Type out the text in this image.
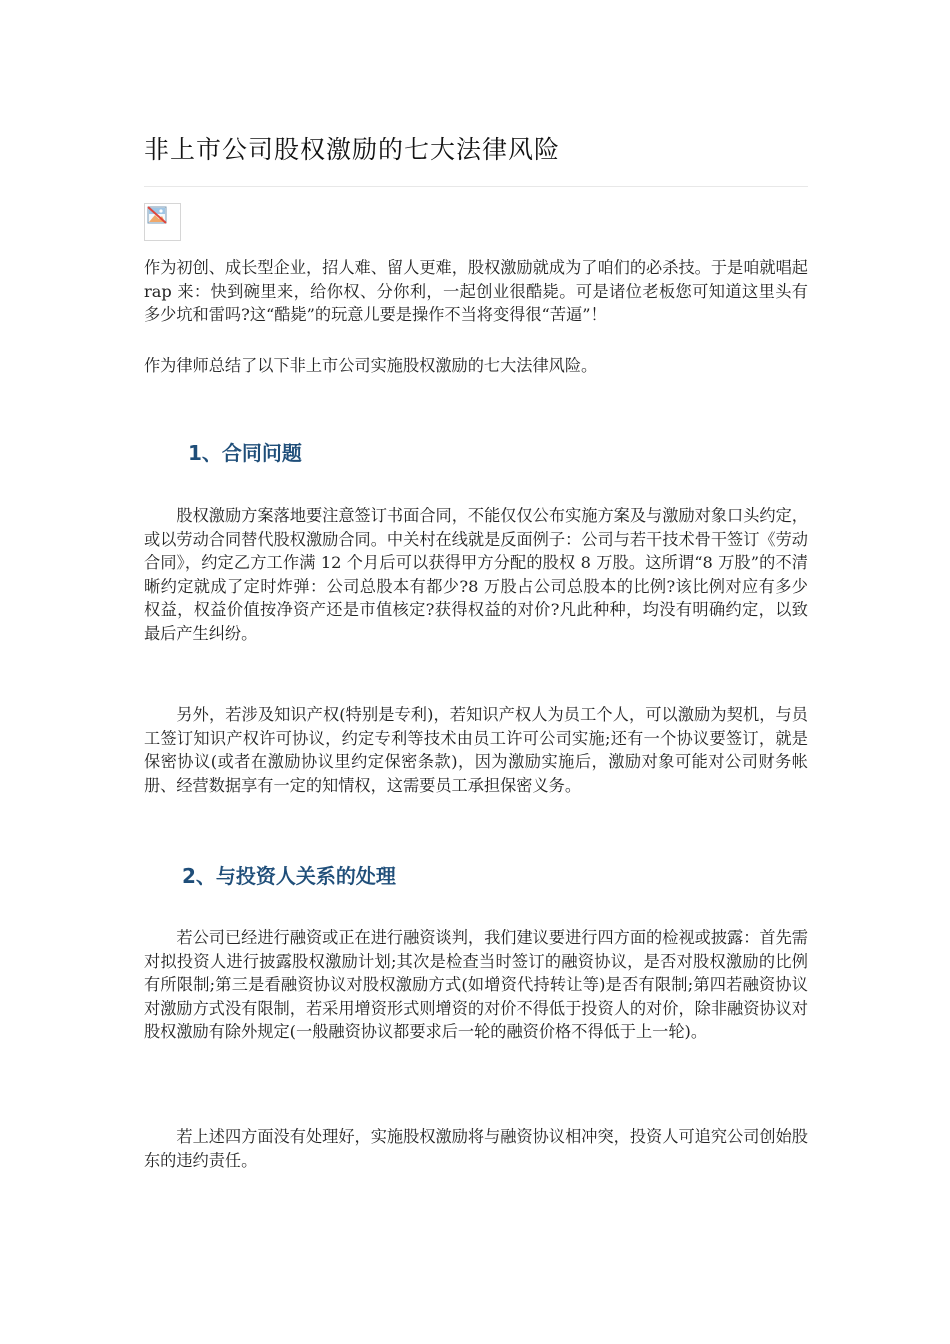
非上市公司股权激励的七大法律风险
作为初创、成长型企业，招人难、留人更难，股权激励就成为了咱们的必杀技。于是咱就唱起 rap 来：快到碗里来，给你权、分你利，一起创业很酷毙。可是诸位老板您可知道这里头有多少坑和雷吗?这“酷毙”的玩意儿要是操作不当将变得很“苦逼”！
作为律师总结了以下非上市公司实施股权激励的七大法律风险。
1、合同问题
股权激励方案落地要注意签订书面合同，不能仅仅公布实施方案及与激励对象口头约定，或以劳动合同替代股权激励合同。中关村在线就是反面例子：公司与若干技术骨干签订《劳动合同》，约定乙方工作满 12 个月后可以获得甲方分配的股权 8 万股。这所谓“8 万股”的不清晰约定就成了定时炸弹：公司总股本有都少?8 万股占公司总股本的比例?该比例对应有多少权益，权益价值按净资产还是市值核定?获得权益的对价?凡此种种，均没有明确约定，以致最后产生纠纷。
另外，若涉及知识产权(特别是专利)，若知识产权人为员工个人，可以激励为契机，与员工签订知识产权许可协议，约定专利等技术由员工许可公司实施;还有一个协议要签订，就是保密协议(或者在激励协议里约定保密条款)，因为激励实施后，激励对象可能对公司财务帐册、经营数据享有一定的知情权，这需要员工承担保密义务。
2、与投资人关系的处理
若公司已经进行融资或正在进行融资谈判，我们建议要进行四方面的检视或披露：首先需对拟投资人进行披露股权激励计划;其次是检查当时签订的融资协议，是否对股权激励的比例有所限制;第三是看融资协议对股权激励方式(如增资代持转让等)是否有限制;第四若融资协议对激励方式没有限制，若采用增资形式则增资的对价不得低于投资人的对价，除非融资协议对股权激励有除外规定(一般融资协议都要求后一轮的融资价格不得低于上一轮)。
若上述四方面没有处理好，实施股权激励将与融资协议相冲突，投资人可追究公司创始股东的违约责任。
